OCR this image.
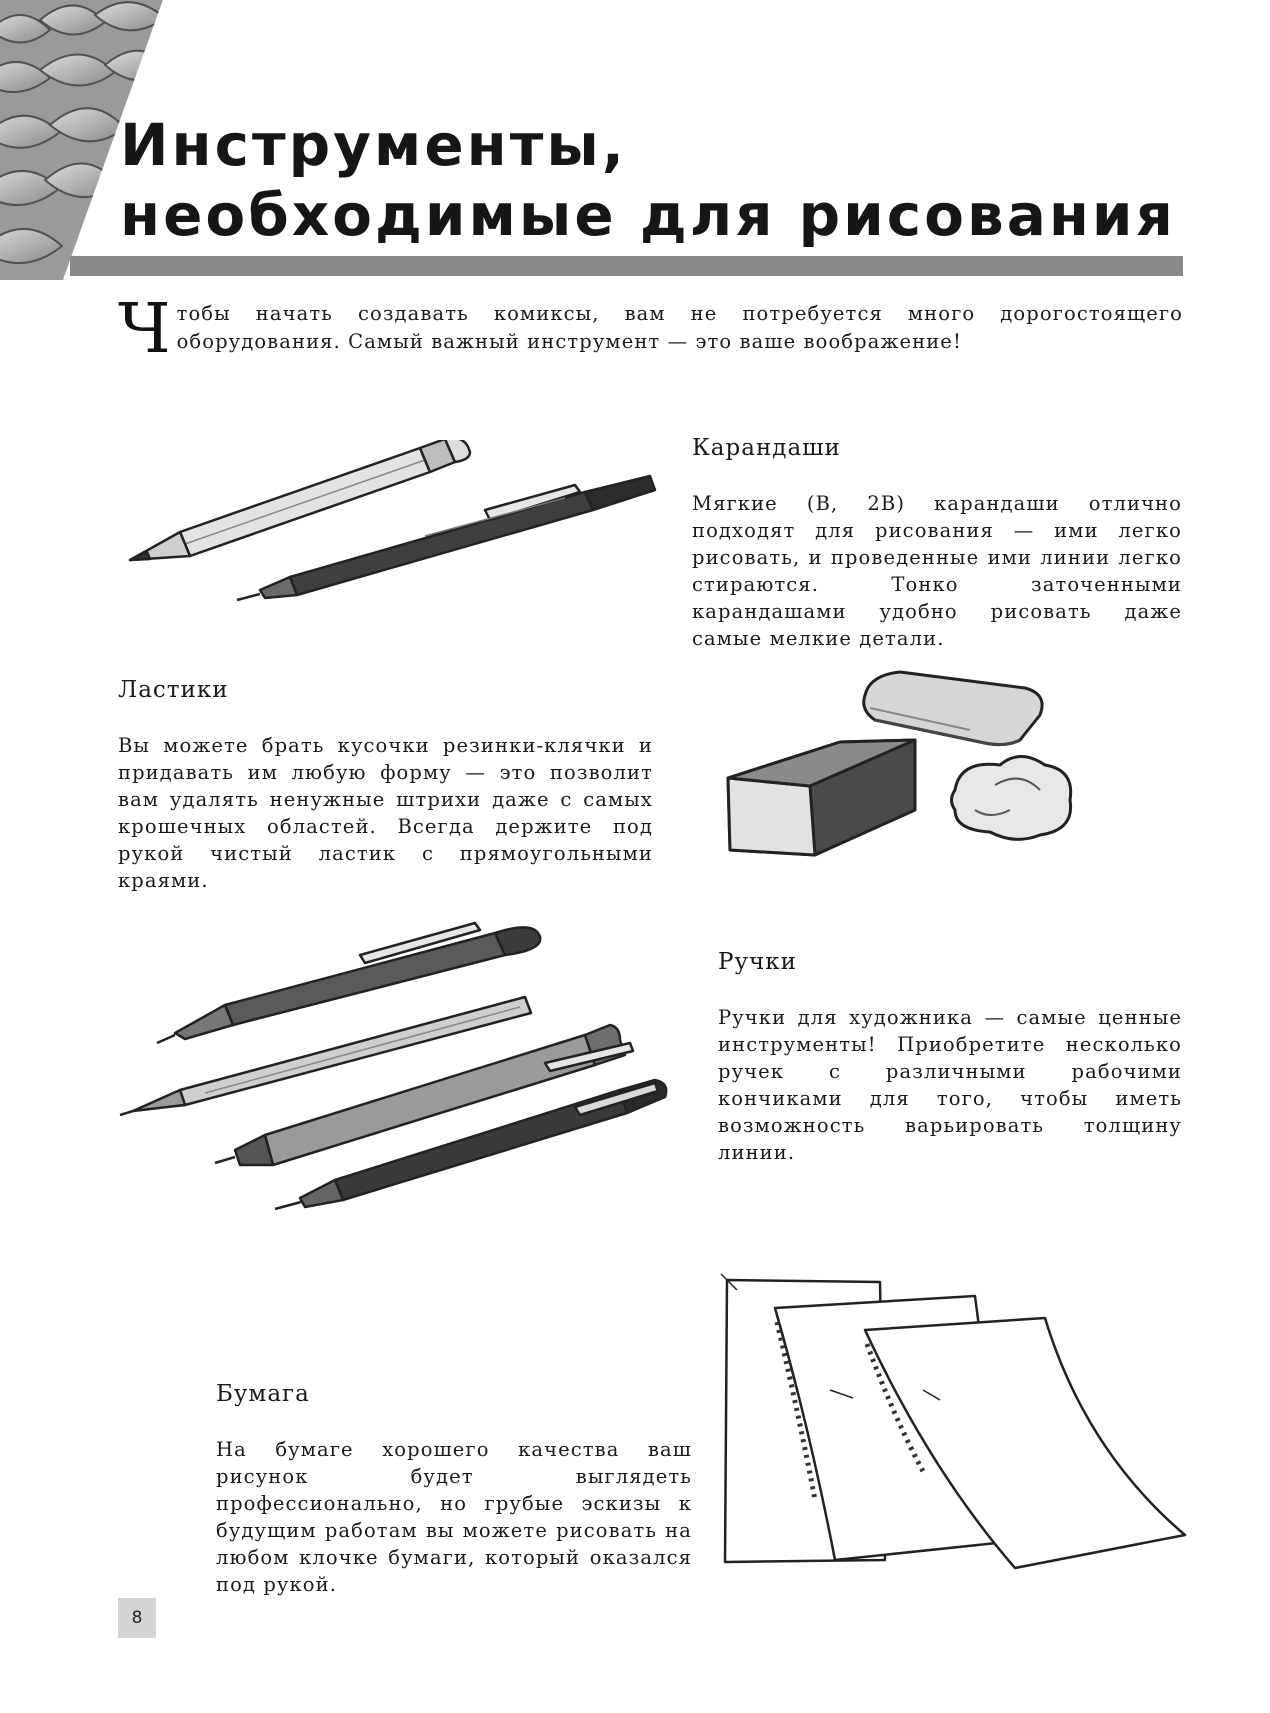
Инструменты,
необходимые для рисования
Ч тобы начать создавать комиксы, вам не потребуется много дорогостоящего оборудования. Самый важный инструмент — это ваше воображение!

Карандаши

Мягкие (B, 2B) карандаши отлично подходят для рисования — ими легко рисовать, и проведенные ими линии легко стираются. Тонко заточенными карандашами удобно рисовать даже самые мелкие детали.

Ластики

Вы можете брать кусочки резинки-клячки и придавать им любую форму — это позволит вам удалять ненужные штрихи даже с самых крошечных областей. Всегда держите под рукой чистый ластик с прямоугольными краями.

Ручки

Ручки для художника — самые ценные инструменты! Приобретите несколько ручек с различными рабочими кончиками для того, чтобы иметь возможность варьировать толщину линии.

Бумага

На бумаге хорошего качества ваш рисунок будет выглядеть профессионально, но грубые эскизы к будущим работам вы можете рисовать на любом клочке бумаги, который оказался под рукой.

8
